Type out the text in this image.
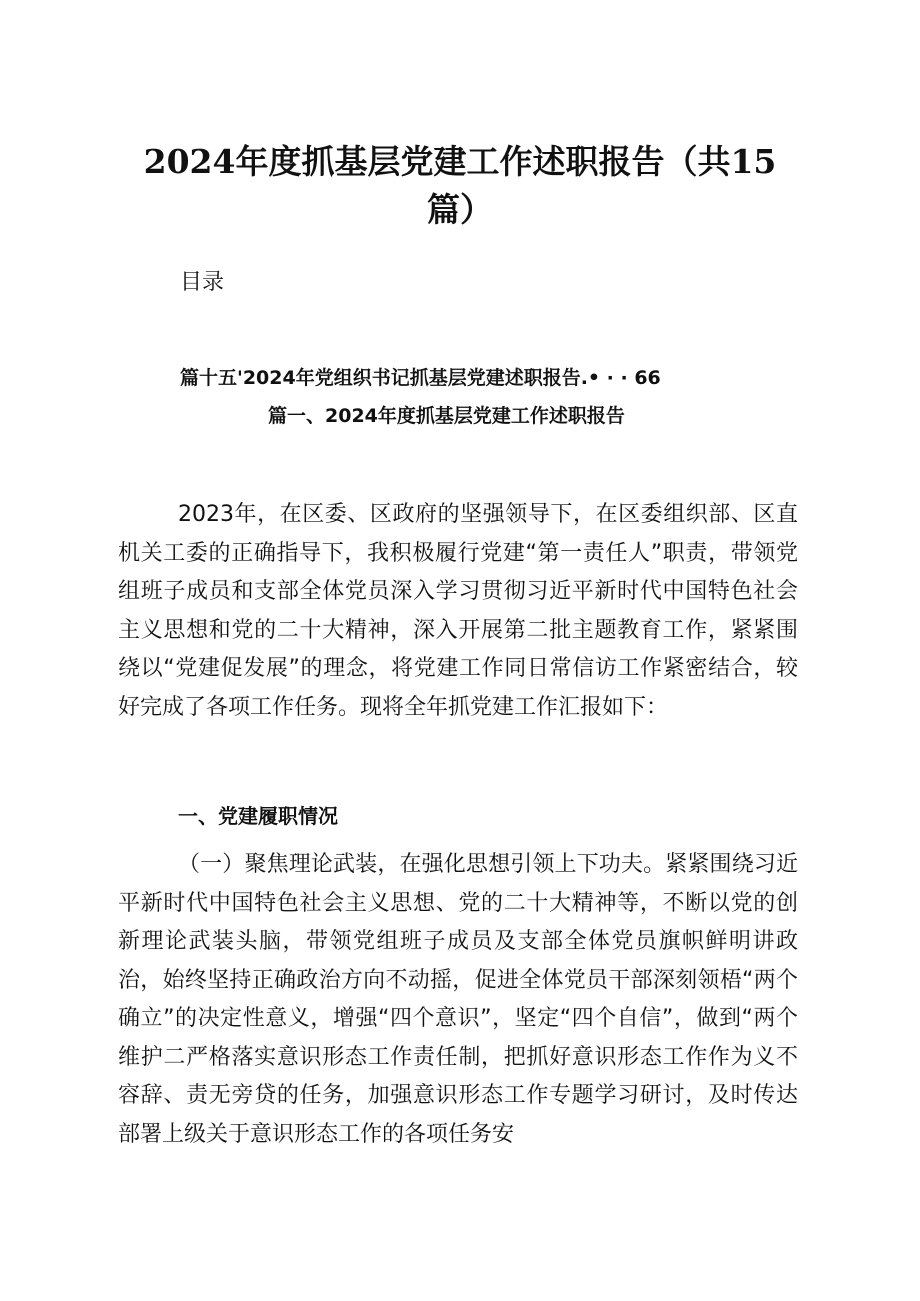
2024年度抓基层党建工作述职报告（共15篇）
目录
篇十五'2024年党组织书记抓基层党建述职报告.• · · 66
篇一、2024年度抓基层党建工作述职报告
2023年，在区委、区政府的坚强领导下，在区委组织部、区直机关工委的正确指导下，我积极履行党建“第一责任人”职责，带领党组班子成员和支部全体党员深入学习贯彻习近平新时代中国特色社会主义思想和党的二十大精神，深入开展第二批主题教育工作，紧紧围绕以“党建促发展”的理念，将党建工作同日常信访工作紧密结合，较好完成了各项工作任务。现将全年抓党建工作汇报如下：
一、党建履职情况
（一）聚焦理论武装，在强化思想引领上下功夫。紧紧围绕习近平新时代中国特色社会主义思想、党的二十大精神等，不断以党的创新理论武装头脑，带领党组班子成员及支部全体党员旗帜鲜明讲政治，始终坚持正确政治方向不动摇，促进全体党员干部深刻领梧“两个确立”的决定性意义，增强“四个意识”，坚定“四个自信”，做到“两个维护二严格落实意识形态工作责任制，把抓好意识形态工作作为义不容辞、责无旁贷的任务，加强意识形态工作专题学习研讨，及时传达部署上级关于意识形态工作的各项任务安
